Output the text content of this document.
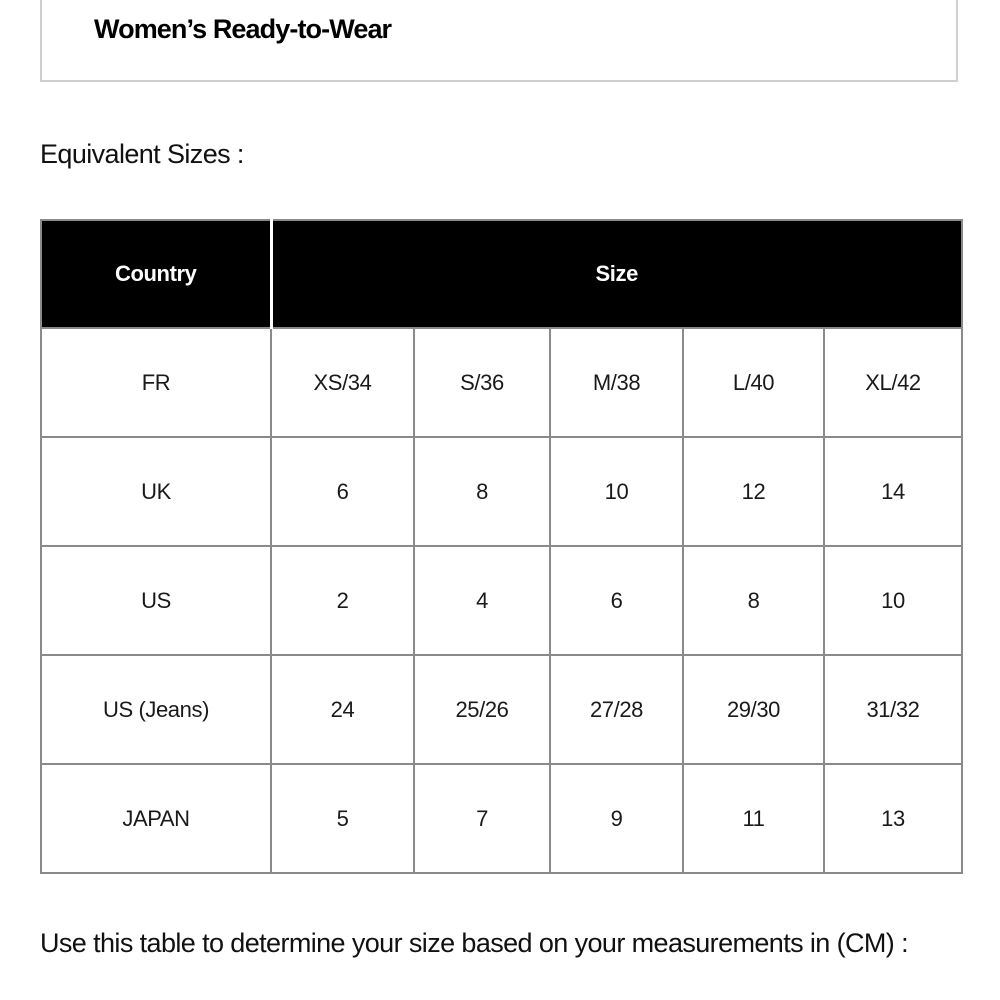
Women’s Ready-to-Wear
Equivalent Sizes :
Country	Size				
FR	XS/34	S/36	M/38	L/40	XL/42
UK	6	8	10	12	14
US	2	4	6	8	10
US (Jeans)	24	25/26	27/28	29/30	31/32
JAPAN	5	7	9	11	13
Use this table to determine your size based on your measurements in (CM) :
